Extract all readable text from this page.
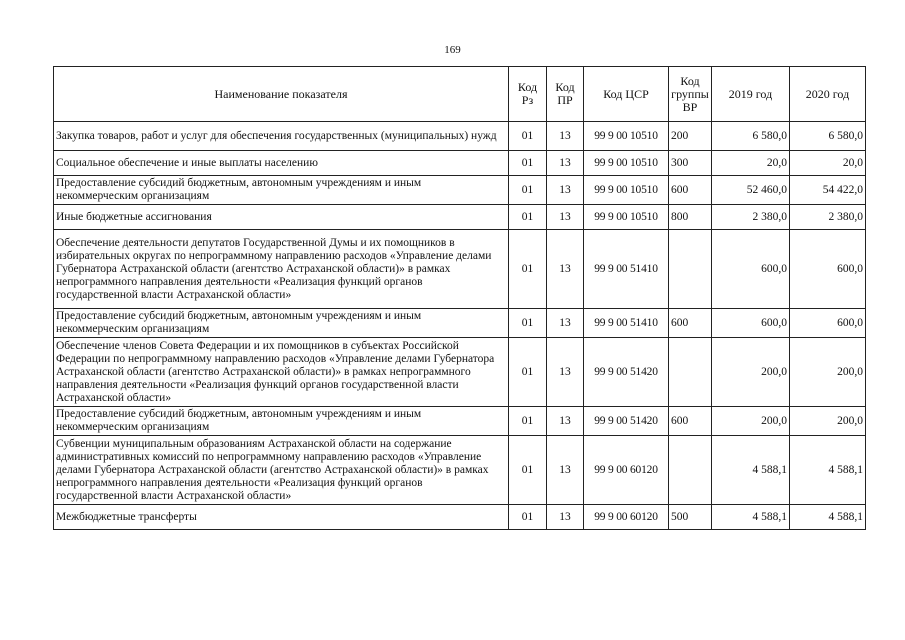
169
Наименование показателя	Код Рз	Код ПР	Код ЦСР	Код группы ВР	2019 год	2020 год
Закупка товаров, работ и услуг для обеспечения государственных (муниципальных) нужд	01	13	99 9 00 10510	200	6 580,0	6 580,0
Социальное обеспечение и иные выплаты населению	01	13	99 9 00 10510	300	20,0	20,0
Предоставление субсидий бюджетным, автономным учреждениям и иным некоммерческим организациям	01	13	99 9 00 10510	600	52 460,0	54 422,0
Иные бюджетные ассигнования	01	13	99 9 00 10510	800	2 380,0	2 380,0
Обеспечение деятельности депутатов Государственной Думы и их помощников в избирательных округах по непрограммному направлению расходов «Управление делами Губернатора Астраханской области (агентство Астраханской области)» в рамках непрограммного направления деятельности «Реализация функций органов государственной власти Астраханской области»	01	13	99 9 00 51410		600,0	600,0
Предоставление субсидий бюджетным, автономным учреждениям и иным некоммерческим организациям	01	13	99 9 00 51410	600	600,0	600,0
Обеспечение членов Совета Федерации и их помощников в субъектах Российской Федерации по непрограммному направлению расходов «Управление делами Губернатора Астраханской области (агентство Астраханской области)» в рамках непрограммного направления деятельности «Реализация функций органов государственной власти Астраханской области»	01	13	99 9 00 51420		200,0	200,0
Предоставление субсидий бюджетным, автономным учреждениям и иным некоммерческим организациям	01	13	99 9 00 51420	600	200,0	200,0
Субвенции муниципальным образованиям Астраханской области на содержание административных комиссий по непрограммному направлению расходов «Управление делами Губернатора Астраханской области (агентство Астраханской области)» в рамках непрограммного направления деятельности «Реализация функций органов государственной власти Астраханской области»	01	13	99 9 00 60120		4 588,1	4 588,1
Межбюджетные трансферты	01	13	99 9 00 60120	500	4 588,1	4 588,1
